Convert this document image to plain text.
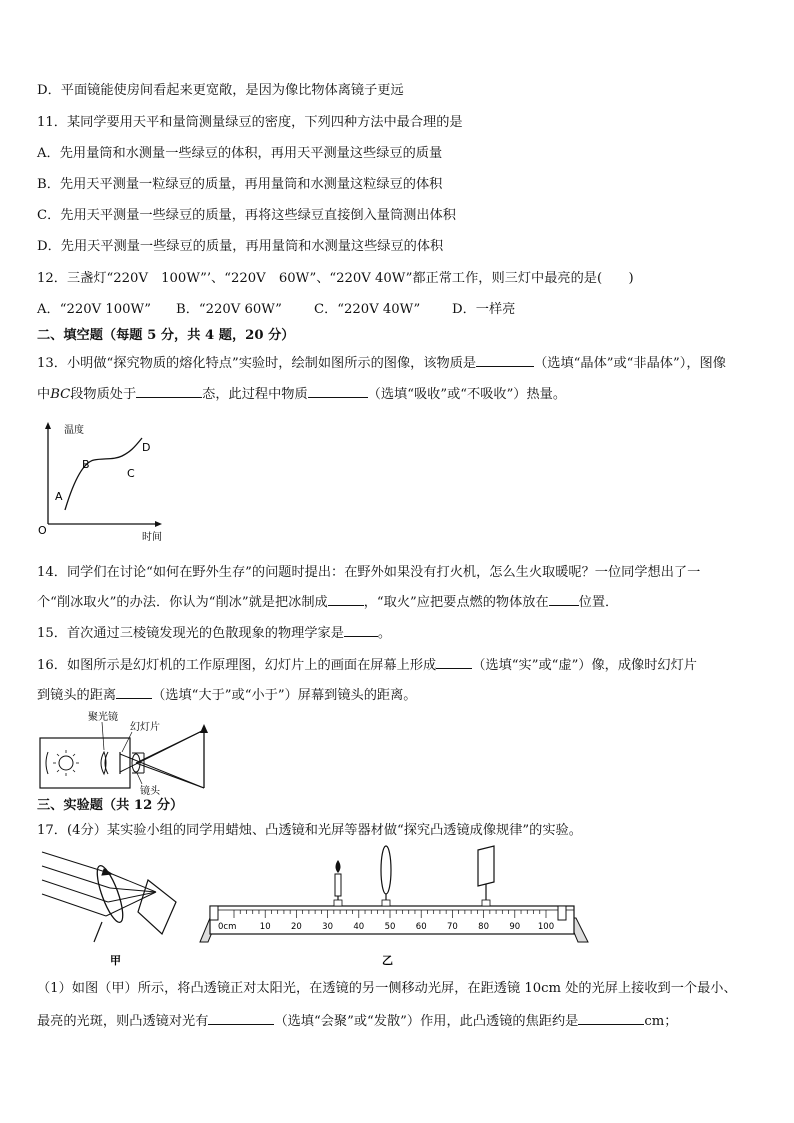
D．平面镜能使房间看起来更宽敞，是因为像比物体离镜子更远
11．某同学要用天平和量筒测量绿豆的密度，下列四种方法中最合理的是
A．先用量筒和水测量一些绿豆的体积，再用天平测量这些绿豆的质量
B．先用天平测量一粒绿豆的质量，再用量筒和水测量这粒绿豆的体积
C．先用天平测量一些绿豆的质量，再将这些绿豆直接倒入量筒测出体积
D．先用天平测量一些绿豆的质量，再用量筒和水测量这些绿豆的体积
12．三盏灯“220V　100W”’、“220V　60W”、“220V 40W”都正常工作，则三灯中最亮的是(　　)
A．“220V 100W” B．“220V 60W” C．“220V 40W” D．一样亮
二、填空题（每题 5 分，共 4 题，20 分）
13．小明做“探究物质的熔化特点”实验时，绘制如图所示的图像，该物质是	（选填“晶体”或“非晶体”），图像
中BC段物质处于	态，此过程中物质	（选填“吸收”或“不吸收”）热量。
温度
时间
O
A
B
C
D
14．同学们在讨论“如何在野外生存”的问题时提出：在野外如果没有打火机，怎么生火取暖呢？一位同学想出了一
个“削冰取火”的办法．你认为“削冰”就是把冰制成	，“取火”应把要点燃的物体放在 位置．
15．首次通过三棱镜发现光的色散现象的物理学家是	。
16．如图所示是幻灯机的工作原理图，幻灯片上的画面在屏幕上形成	（选填“实”或“虚”）像，成像时幻灯片
到镜头的距离	（选填“大于”或“小于”）屏幕到镜头的距离。
聚光镜
幻灯片
镜头
三、实验题（共 12 分）
17．(4分）某实验小组的同学用蜡烛、凸透镜和光屏等器材做“探究凸透镜成像规律”的实验。
甲
0cm	10 20 30 40 50 60 70 80 90 100
乙
（1）如图（甲）所示，将凸透镜正对太阳光，在透镜的另一侧移动光屏，在距透镜 10cm 处的光屏上接收到一个最小、
最亮的光斑，则凸透镜对光有	（选填“会聚”或“发散”）作用，此凸透镜的焦距约是	cm；
